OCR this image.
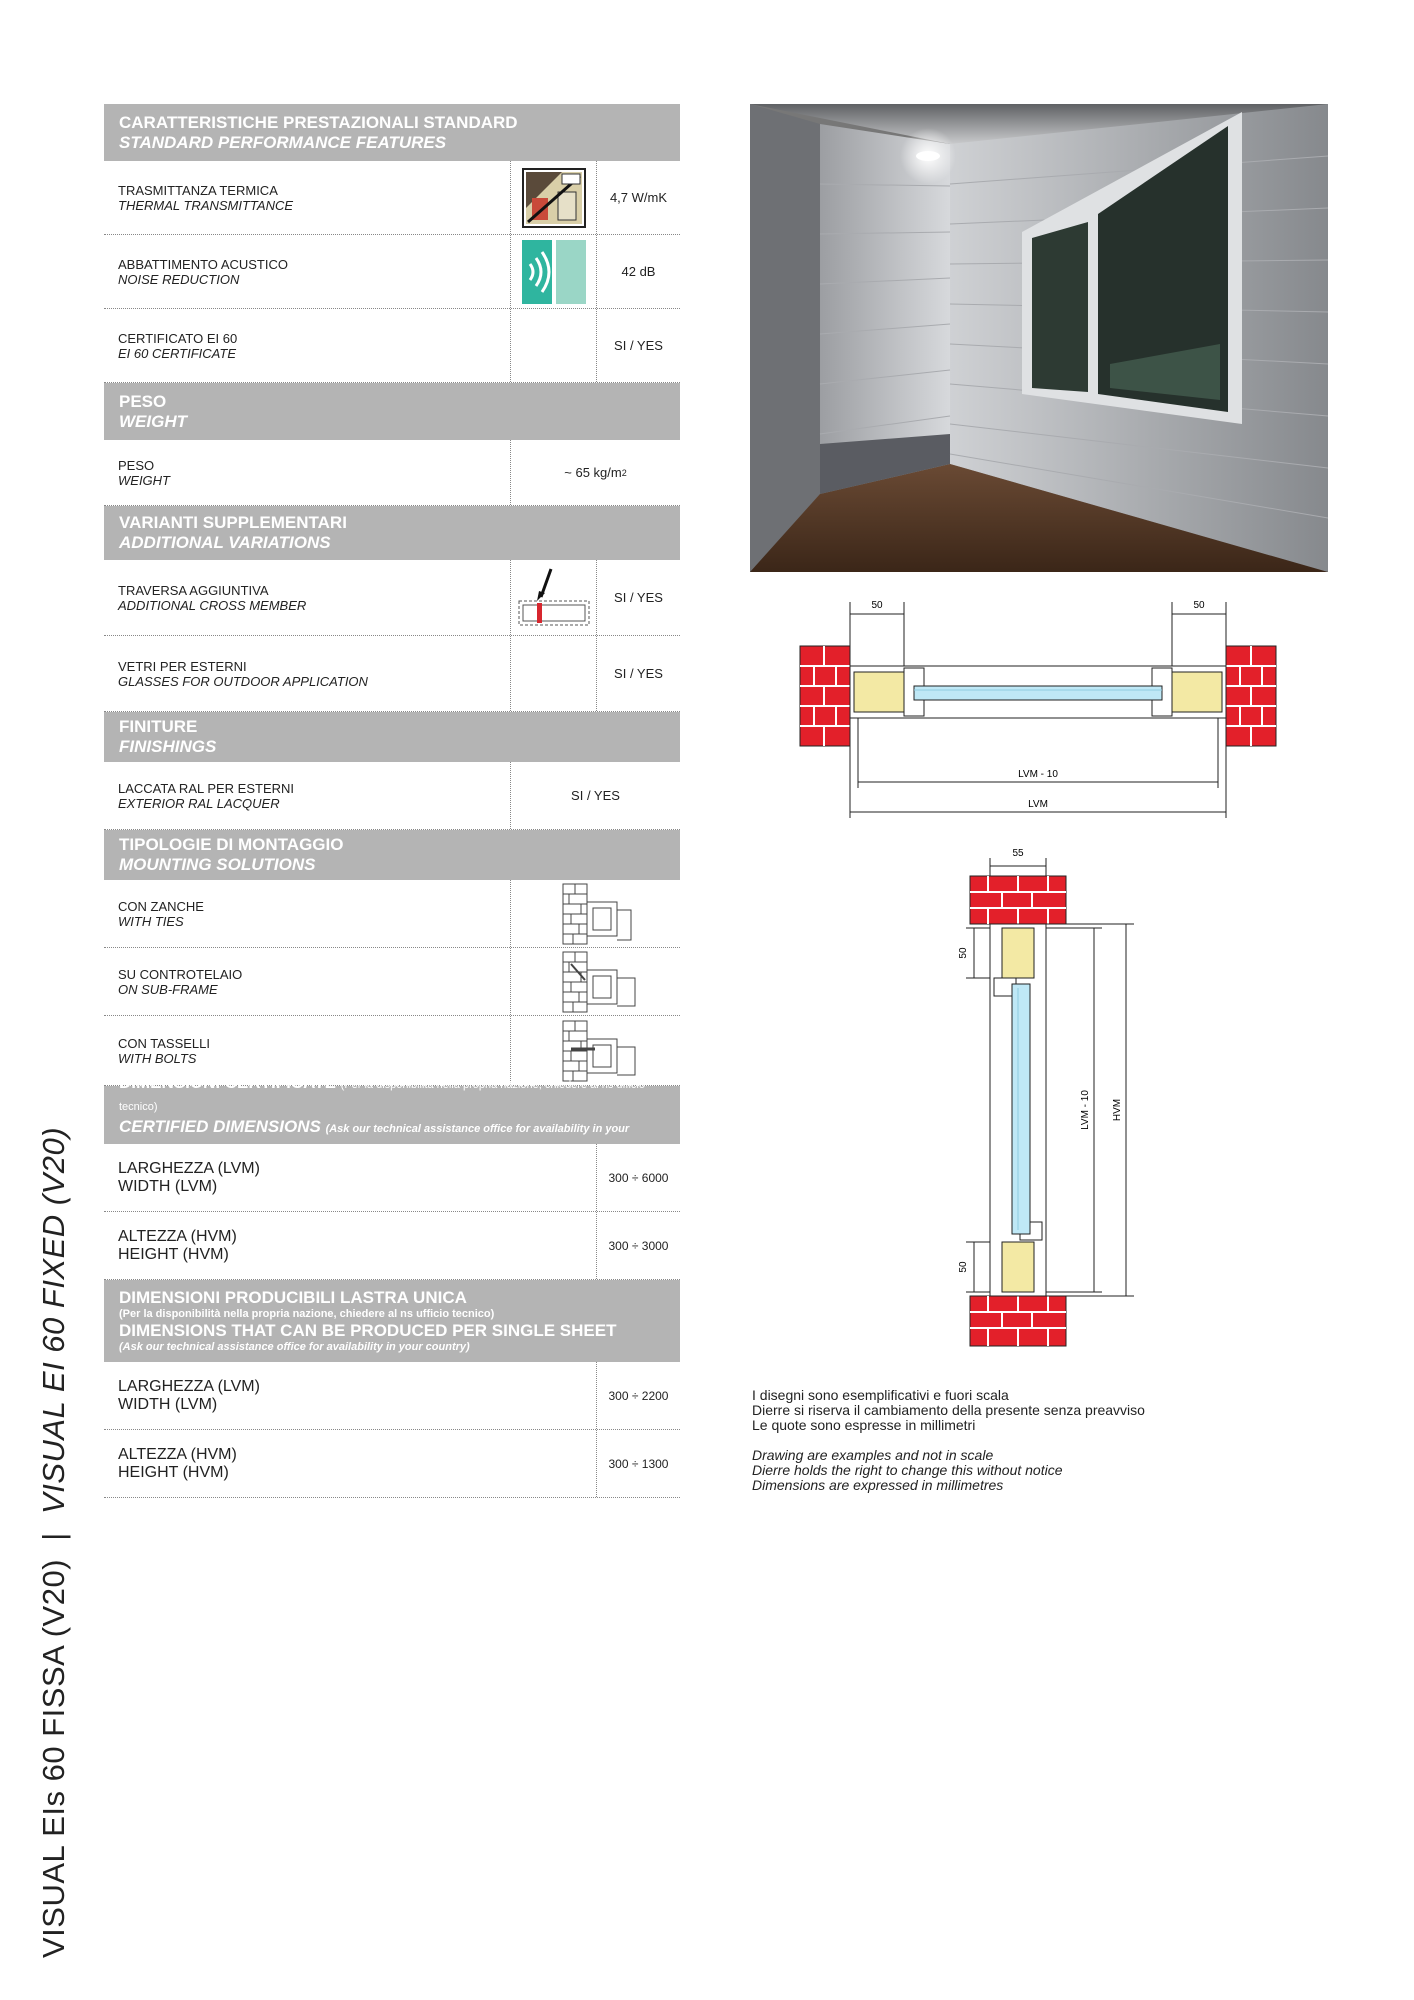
CARATTERISTICHE PRESTAZIONALI STANDARD
STANDARD PERFORMANCE FEATURES
TRASMITTANZA TERMICA
THERMAL TRANSMITTANCE	4,7 W/mK
ABBATTIMENTO ACUSTICO
NOISE REDUCTION	42 dB
CERTIFICATO EI 60
EI 60 CERTIFICATE	SI / YES
PESO
WEIGHT
PESO
WEIGHT	~ 65 kg/m 2
VARIANTI SUPPLEMENTARI
ADDITIONAL VARIATIONS
TRAVERSA AGGIUNTIVA
ADDITIONAL CROSS MEMBER	SI / YES
VETRI PER ESTERNI
GLASSES FOR OUTDOOR APPLICATION	SI / YES
FINITURE
FINISHINGS
LACCATA RAL PER ESTERNI
EXTERIOR RAL LACQUER	SI / YES
TIPOLOGIE DI MONTAGGIO
MOUNTING SOLUTIONS
CON ZANCHE
WITH TIES
SU CONTROTELAIO
ON SUB-FRAME
CON TASSELLI
WITH BOLTS
DIMENSIONI CERTIFICATE (Per la disponibilità nella propria nazione, chiedere al ns ufficio tecnico)
CERTIFIED DIMENSIONS (Ask our technical assistance office for availability in your country)
LARGHEZZA (LVM)
WIDTH (LVM)	300 ÷ 6000
ALTEZZA (HVM)
HEIGHT (HVM)	300 ÷ 3000
DIMENSIONI PRODUCIBILI LASTRA UNICA
(Per la disponibilità nella propria nazione, chiedere al ns ufficio tecnico)
DIMENSIONS THAT CAN BE PRODUCED PER SINGLE SHEET
(Ask our technical assistance office for availability in your country)
LARGHEZZA (LVM)
WIDTH (LVM)	300 ÷ 2200
ALTEZZA (HVM)
HEIGHT (HVM)	300 ÷ 1300
50	50
LVM - 10
LVM
55
50
50
LVM - 10 HVM

I disegni sono esemplificativi e fuori scala

Dierre si riserva il cambiamento della presente senza preavviso

Le quote sono espresse in millimetri

Drawing are examples and not in scale

Dierre holds the right to change this without notice

Dimensions are expressed in millimetres

VISUAL EIs 60 FISSA (V20)  |  VISUAL EI 60 FIXED (V20)
